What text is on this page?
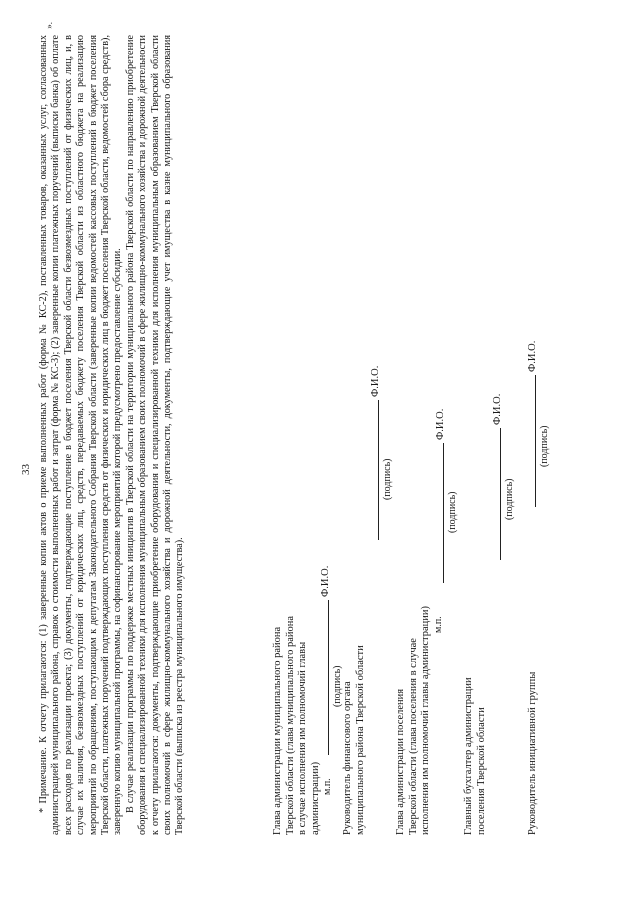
33 * Примечание. К отчету прилагаются: (1) заверенные копии актов о приеме выполненных работ (форма № КС-2), поставленных товаров, оказанных услуг, согласованных администрацией муниципального района, справок о стоимости выполненных работ и затрат (форма № КС-3); (2) заверенные копии платежных поручений (выписки банка) об оплате всех расходов по реализации проекта; (3) документы, подтверждающие поступление в бюджет поселения Тверской области безвозмездных поступлений от физических лиц, и, в случае их наличия, безвозмездных поступлений от юридических лиц, средств, передаваемых бюджету поселения Тверской области из областного бюджета на реализацию мероприятий по обращениям, поступающим к депутатам Законодательного Собрания Тверской области (заверенные копии ведомостей кассовых поступлений в бюджет поселения Тверской области, платежных поручений подтверждающих поступления средств от физических и юридических лиц в бюджет поселения Тверской области, ведомостей сбора средств), заверенную копию муниципальной программы, на софинансирование мероприятий которой предусмотрено предоставление субсидии. В случае реализации программы по поддержке местных инициатив в Тверской области на территории муниципального района Тверской области по направлению приобретение оборудования и специализированной техники для исполнения муниципальным образованием своих полномочий в сфере жилищно-коммунального хозяйства и дорожной деятельности к отчету прилагаются: документы, подтверждающие приобретение оборудования и специализированной техники для исполнения муниципальным образованием Тверской области своих полномочий в сфере жилищно-коммунального хозяйства и дорожной деятельности, документы, подтверждающие учет имущества в казне муниципального образования Тверской области (выписка из реестра муниципального имущества).	Глава администрации муниципального района Тверской области (глава муниципального района в случае исполнения им полномочий главы администрации) м.п.
Ф.И.О.
(подпись) Руководитель финансового органа муниципального района Тверской области
Ф.И.О.
(подпись)
Глава администрации поселения Тверской области (глава поселения в случае исполнения им полномочий главы администрации) м.п.
Ф.И.О.
(подпись)
Главный бухгалтер администрации поселения Тверской области
Ф.И.О.
(подпись)
Руководитель инициативной группы
Ф.И.О.
(подпись)
».
